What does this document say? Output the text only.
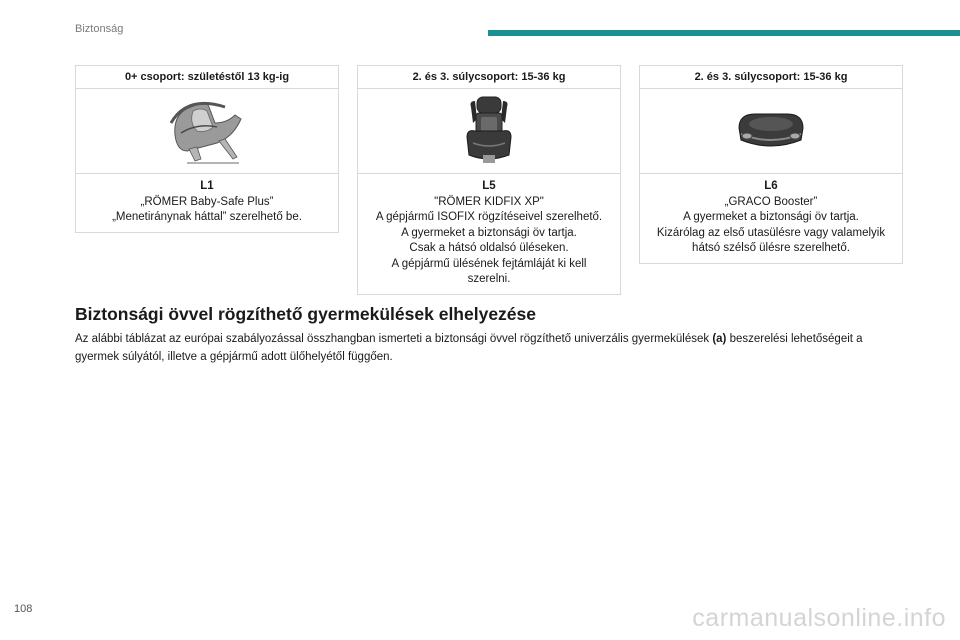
Biztonság
0+ csoport: születéstől 13 kg-ig
L1
„RÖMER Baby-Safe Plus”
„Menetiránynak háttal” szerelhető be.
2. és 3. súlycsoport: 15-36 kg
L5
"RÖMER KIDFIX XP"
A gépjármű ISOFIX rögzítéseivel szerelhető.
A gyermeket a biztonsági öv tartja.
Csak a hátsó oldalsó üléseken.
A gépjármű ülésének fejtámláját ki kell
szerelni.
2. és 3. súlycsoport: 15-36 kg
L6
„GRACO Booster”
A gyermeket a biztonsági öv tartja.
Kizárólag az első utasülésre vagy valamelyik
hátsó szélső ülésre szerelhető.
Biztonsági övvel rögzíthető gyermekülések elhelyezése

Az alábbi táblázat az európai szabályozással összhangban ismerteti a biztonsági övvel rögzíthető univerzális gyermekülések (a) beszerelési lehetőségeit a gyermek súlyától, illetve a gépjármű adott ülőhelyétől függően.

108	carmanualsonline.info
